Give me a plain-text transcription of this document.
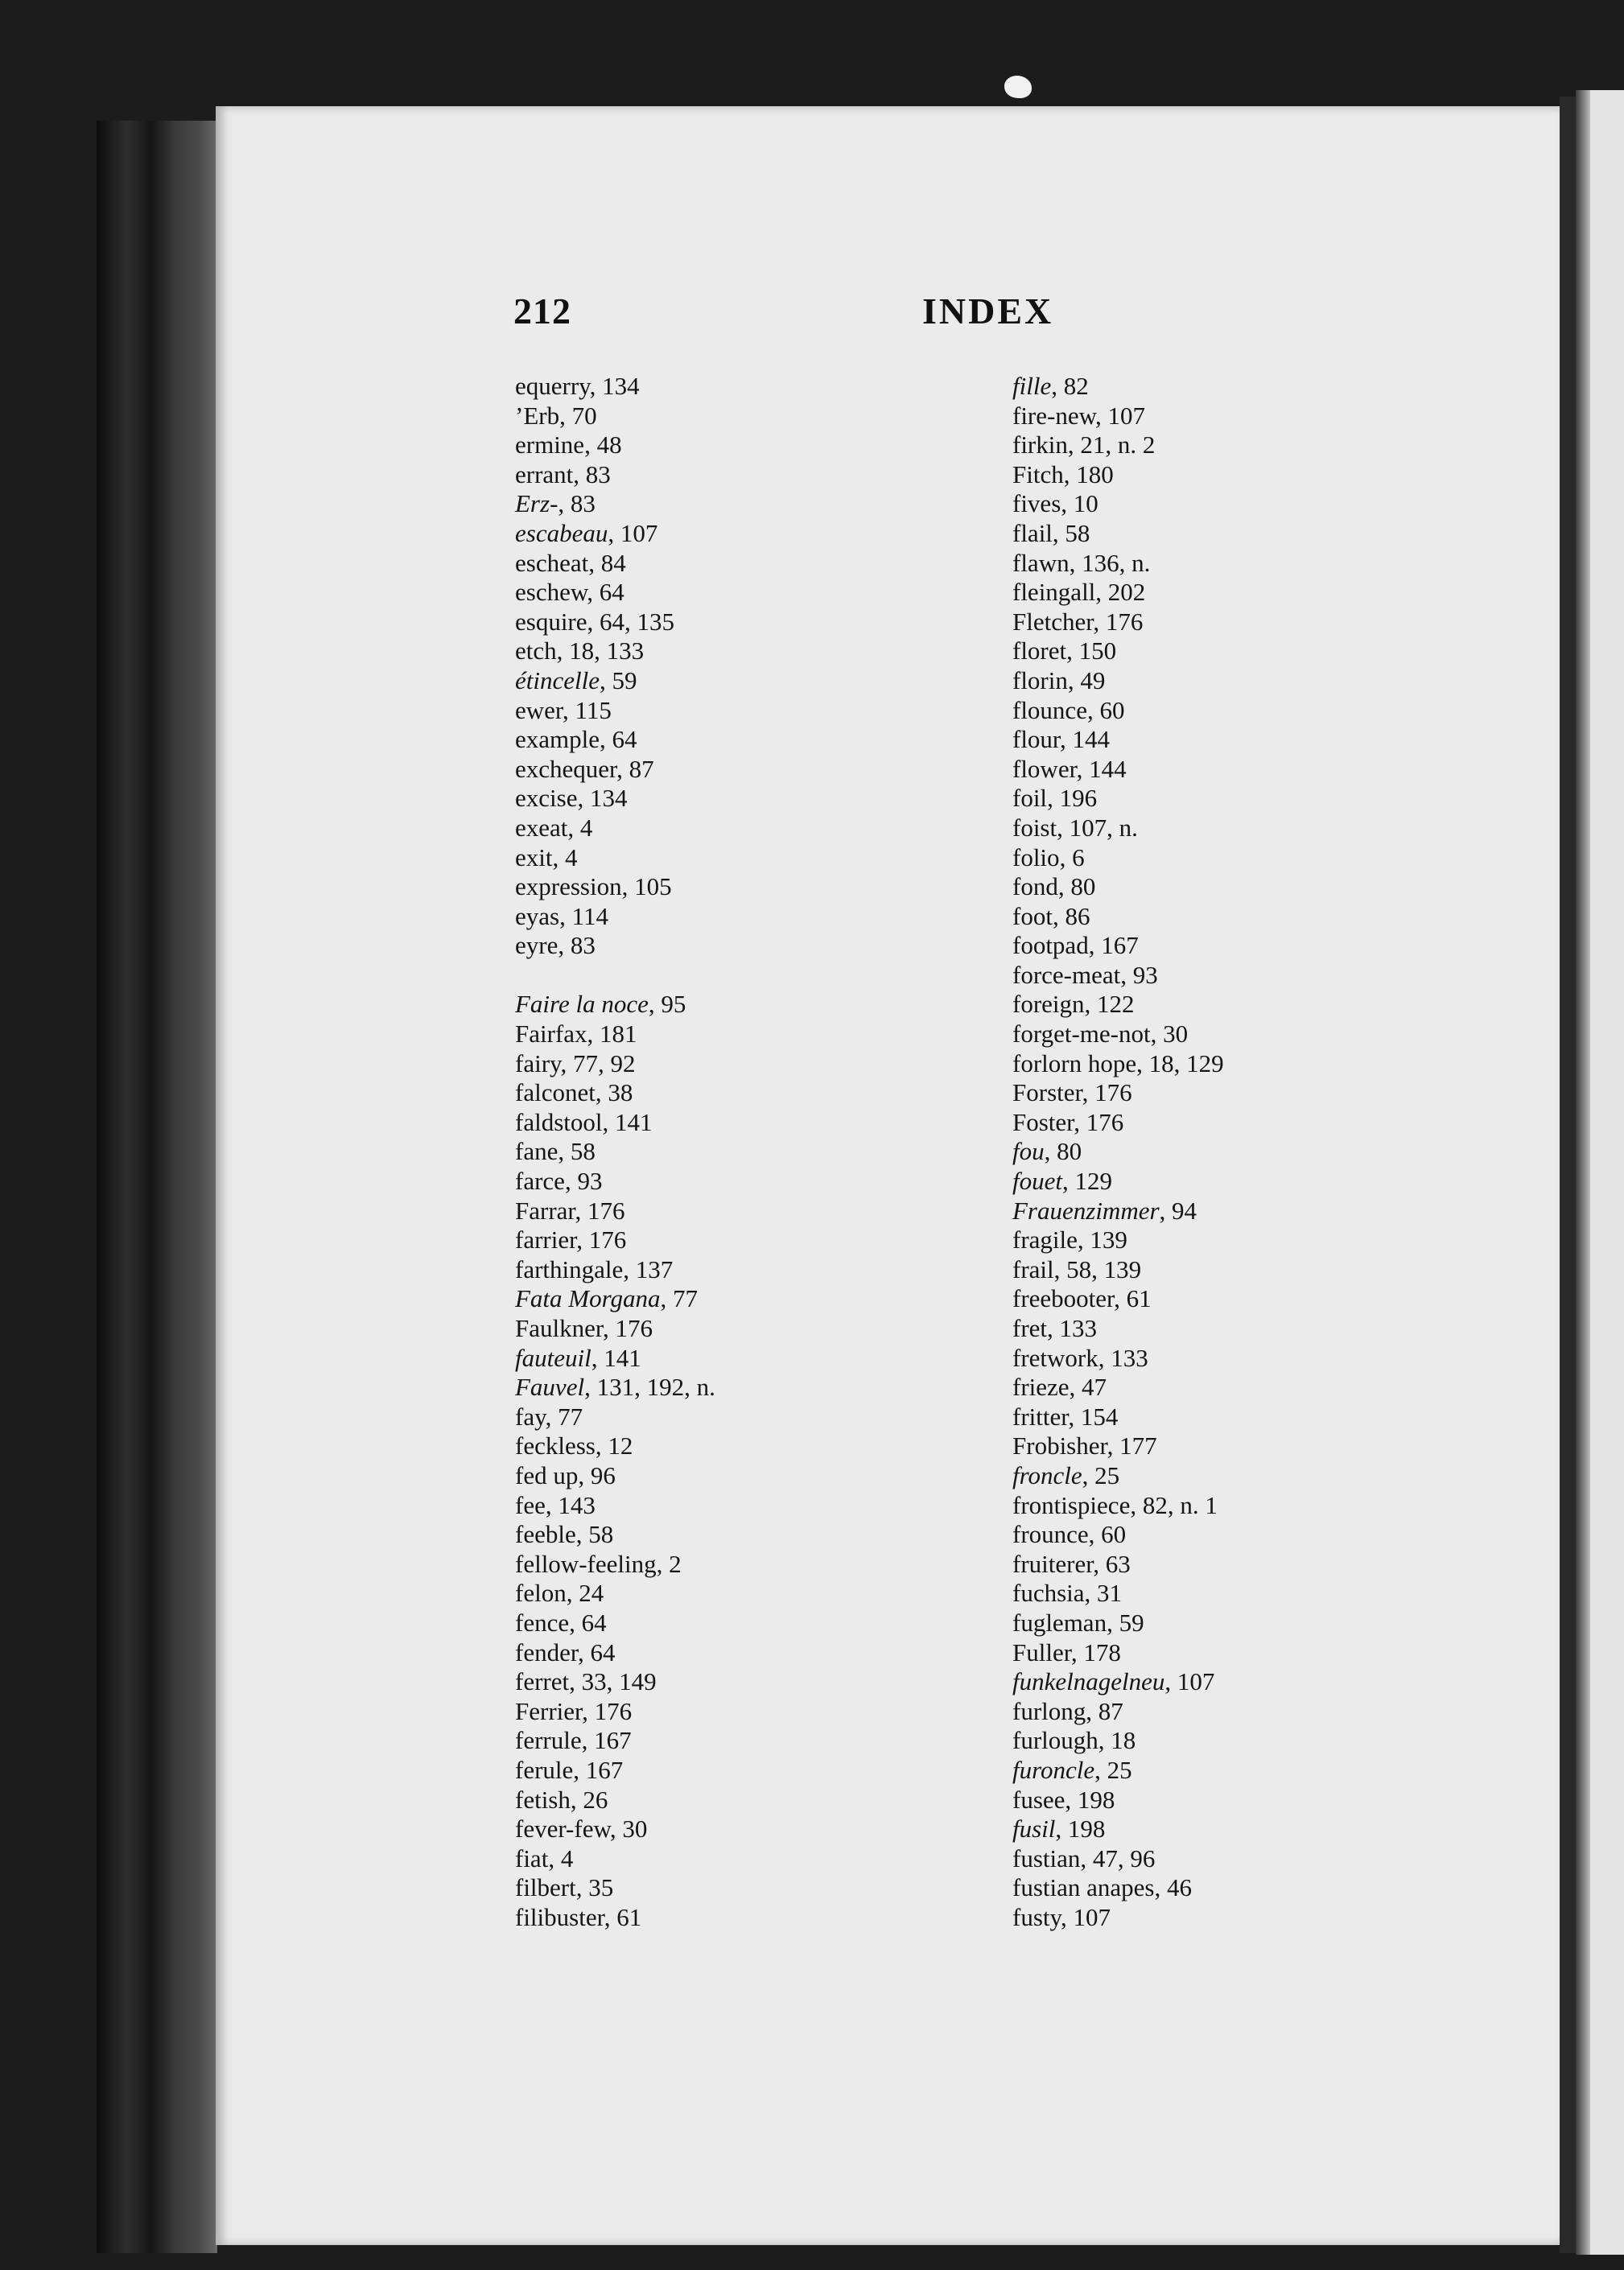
212	INDEX
equerry, 134
’Erb, 70
ermine, 48
errant, 83
Erz-, 83
escabeau, 107
escheat, 84
eschew, 64
esquire, 64, 135
etch, 18, 133
étincelle, 59
ewer, 115
example, 64
exchequer, 87
excise, 134
exeat, 4
exit, 4
expression, 105
eyas, 114
eyre, 83
Faire la noce, 95
Fairfax, 181
fairy, 77, 92
falconet, 38
faldstool, 141
fane, 58
farce, 93
Farrar, 176
farrier, 176
farthingale, 137
Fata Morgana, 77
Faulkner, 176
fauteuil, 141
Fauvel, 131, 192, n.
fay, 77
feckless, 12
fed up, 96
fee, 143
feeble, 58
fellow-feeling, 2
felon, 24
fence, 64
fender, 64
ferret, 33, 149
Ferrier, 176
ferrule, 167
ferule, 167
fetish, 26
fever-few, 30
fiat, 4
filbert, 35
filibuster, 61
fille, 82
fire-new, 107
firkin, 21, n. 2
Fitch, 180
fives, 10
flail, 58
flawn, 136, n.
fleingall, 202
Fletcher, 176
floret, 150
florin, 49
flounce, 60
flour, 144
flower, 144
foil, 196
foist, 107, n.
folio, 6
fond, 80
foot, 86
footpad, 167
force-meat, 93
foreign, 122
forget-me-not, 30
forlorn hope, 18, 129
Forster, 176
Foster, 176
fou, 80
fouet, 129
Frauenzimmer, 94
fragile, 139
frail, 58, 139
freebooter, 61
fret, 133
fretwork, 133
frieze, 47
fritter, 154
Frobisher, 177
froncle, 25
frontispiece, 82, n. 1
frounce, 60
fruiterer, 63
fuchsia, 31
fugleman, 59
Fuller, 178
funkelnagelneu, 107
furlong, 87
furlough, 18
furoncle, 25
fusee, 198
fusil, 198
fustian, 47, 96
fustian anapes, 46
fusty, 107
